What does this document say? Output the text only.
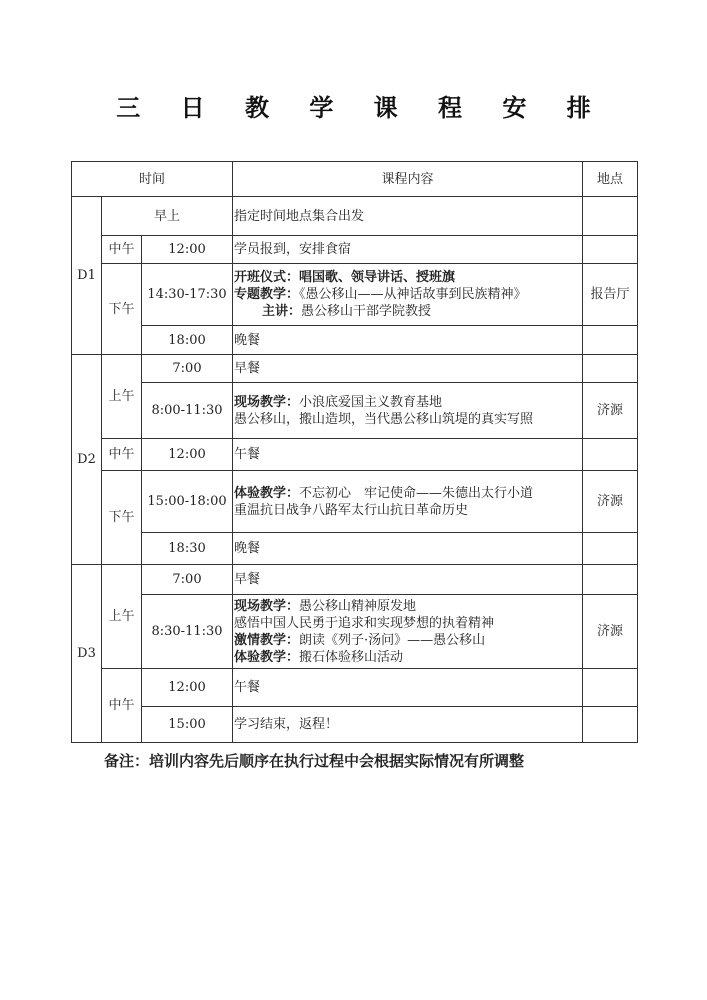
三 日 教 学 课 程 安 排
时间			课程内容	地点
D1	早上		指定时间地点集合出发	
	中午	12:00	学员报到，安排食宿	
	下午	14:30-17:30	开班仪式：唱国歌、领导讲话、授班旗
专题教学：《愚公移山——从神话故事到民族精神》
主讲：愚公移山干部学院教授	报告厅
		18:00	晚餐	
D2	上午	7:00	早餐	
		8:00-11:30	现场教学：小浪底爱国主义教育基地
愚公移山，搬山造坝，当代愚公移山筑堤的真实写照	济源
	中午	12:00	午餐	
	下午	15:00-18:00	体验教学：不忘初心　牢记使命——朱德出太行小道
重温抗日战争八路军太行山抗日革命历史	济源
		18:30	晚餐	
D3	上午	7:00	早餐	
		8:30-11:30	现场教学：愚公移山精神原发地
感悟中国人民勇于追求和实现梦想的执着精神
激情教学：朗读《列子·汤问》——愚公移山
体验教学：搬石体验移山活动	济源
	中午	12:00	午餐	
		15:00	学习结束，返程！	
备注：培训内容先后顺序在执行过程中会根据实际情况有所调整
